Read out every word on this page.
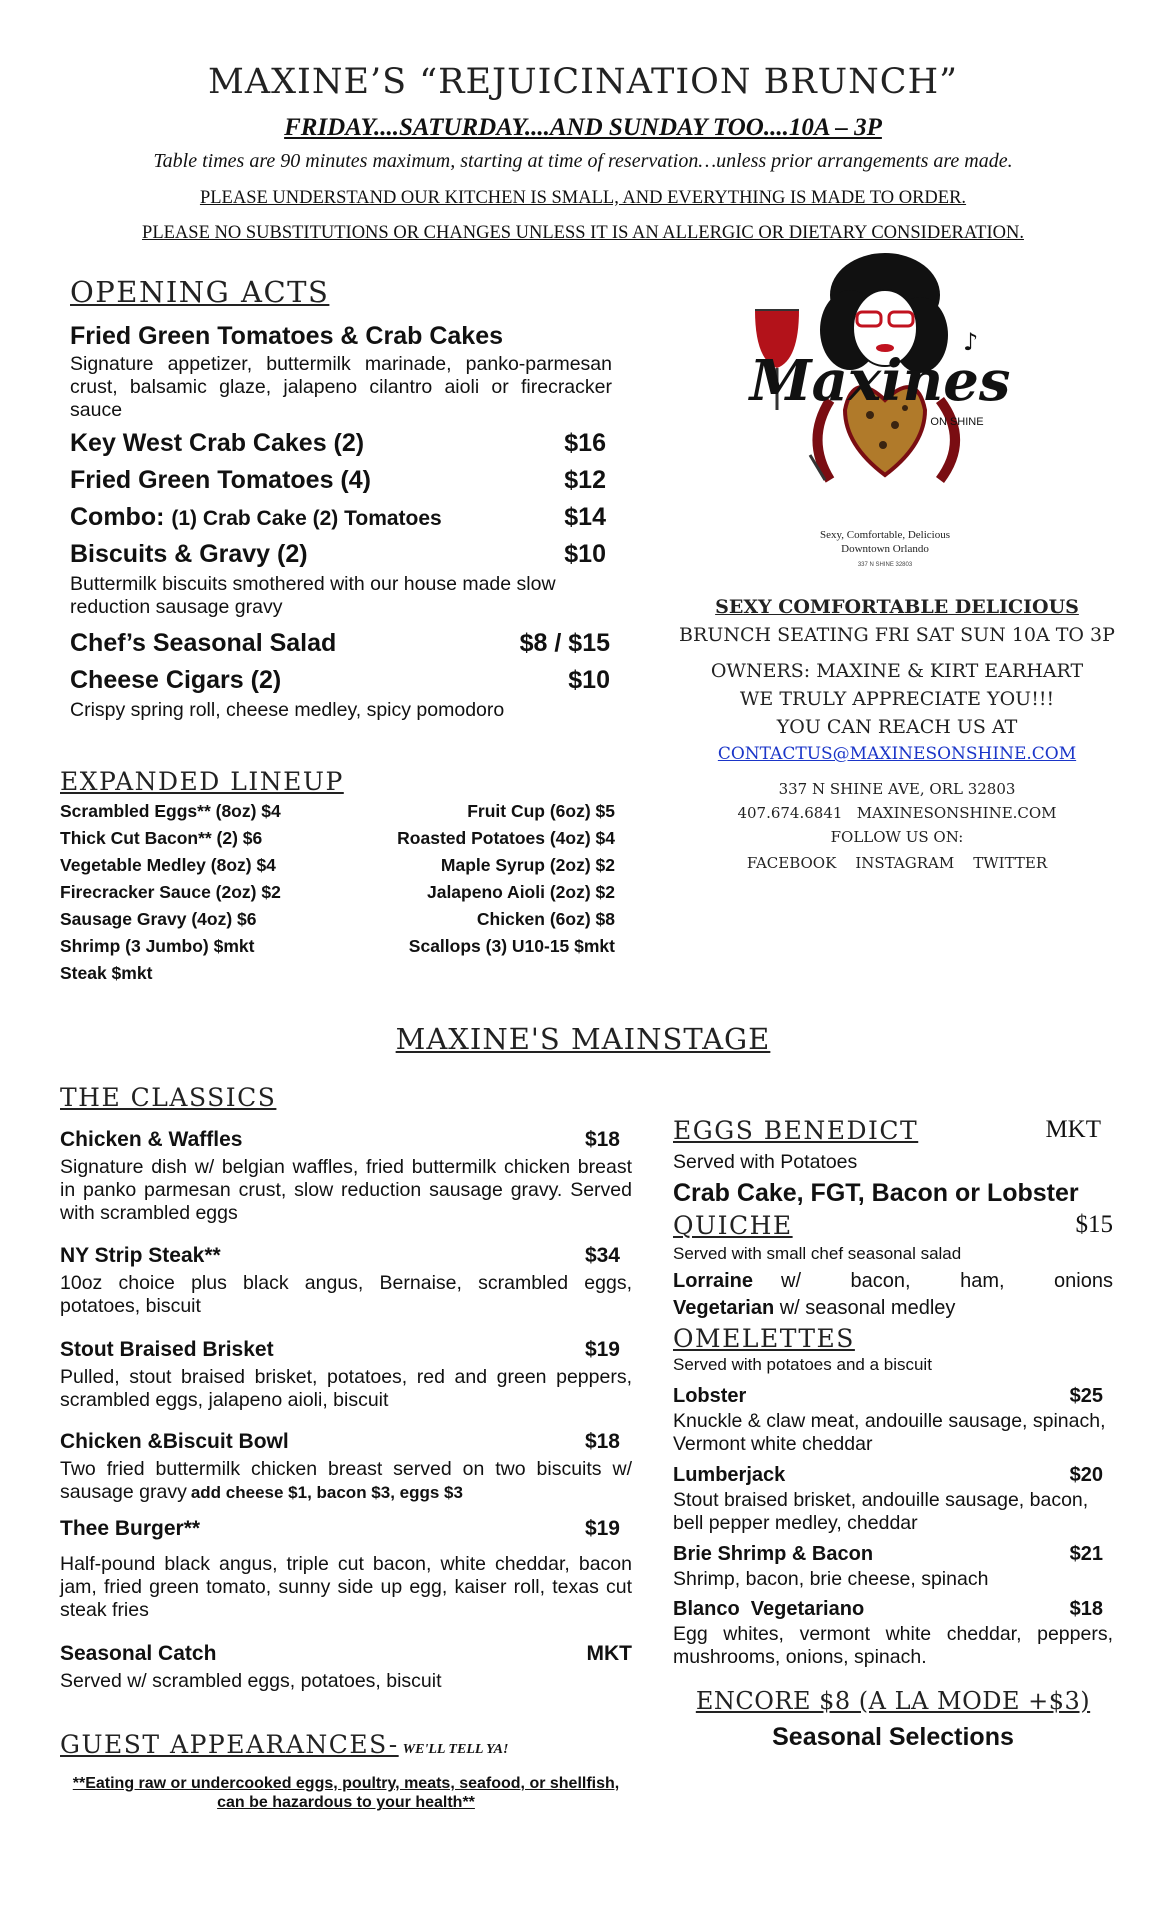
MAXINE’S “REJUICINATION BRUNCH”
FRIDAY....SATURDAY....AND SUNDAY TOO....10A – 3P
Table times are 90 minutes maximum, starting at time of reservation…unless prior arrangements are made.
PLEASE UNDERSTAND OUR KITCHEN IS SMALL, AND EVERYTHING IS MADE TO ORDER.
PLEASE NO SUBSTITUTIONS OR CHANGES UNLESS IT IS AN ALLERGIC OR DIETARY CONSIDERATION.
OPENING ACTS
Fried Green Tomatoes & Crab Cakes
Signature appetizer, buttermilk marinade, panko-parmesan crust, balsamic glaze, jalapeno cilantro aioli or firecracker sauce
Key West Crab Cakes (2)	$16
Fried Green Tomatoes (4)	$12
Combo: (1) Crab Cake (2) Tomatoes	$14
Biscuits & Gravy (2)	$10
Buttermilk biscuits smothered with our house made slow reduction sausage gravy
Chef’s Seasonal Salad	$8 / $15
Cheese Cigars (2)	$10
Crispy spring roll, cheese medley, spicy pomodoro
EXPANDED LINEUP
Scrambled Eggs** (8oz) $4	Fruit Cup (6oz) $5
Thick Cut Bacon** (2) $6	Roasted Potatoes (4oz) $4
Vegetable Medley (8oz) $4	Maple Syrup (2oz) $2
Firecracker Sauce (2oz) $2	Jalapeno Aioli (2oz) $2
Sausage Gravy (4oz) $6	Chicken (6oz) $8
Shrimp (3 Jumbo) $mkt	Scallops (3) U10-15 $mkt
Steak $mkt
Maxines
ON SHINE
♪
Sexy, Comfortable, Delicious
Downtown Orlando
337 N SHINE 32803
SEXY COMFORTABLE DELICIOUS
BRUNCH SEATING FRI SAT SUN 10A TO 3P
OWNERS: MAXINE & KIRT EARHART
WE TRULY APPRECIATE YOU!!!
YOU CAN REACH US AT
CONTACTUS@MAXINESONSHINE.COM
337 N SHINE AVE, ORL 32803
407.674.6841   MAXINESONSHINE.COM
FOLLOW US ON:
FACEBOOK    INSTAGRAM    TWITTER
MAXINE'S MAINSTAGE
THE CLASSICS
Chicken & Waffles	$18
Signature dish w/ belgian waffles, fried buttermilk chicken breast in panko parmesan crust, slow reduction sausage gravy. Served with scrambled eggs
NY Strip Steak**	$34
10oz choice plus black angus, Bernaise, scrambled eggs, potatoes, biscuit
Stout Braised Brisket	$19
Pulled, stout braised brisket, potatoes, red and green peppers, scrambled eggs, jalapeno aioli, biscuit
Chicken &Biscuit Bowl	$18
Two fried buttermilk chicken breast served on two biscuits w/ sausage gravy add cheese $1, bacon $3, eggs $3
Thee Burger**	$19
Half-pound black angus, triple cut bacon, white cheddar, bacon jam, fried green tomato, sunny side up egg, kaiser roll, texas cut steak fries
Seasonal Catch	MKT
Served w/ scrambled eggs, potatoes, biscuit
GUEST APPEARANCES- WE'LL TELL YA!
**Eating raw or undercooked eggs, poultry, meats, seafood, or shellfish, can be hazardous to your health**
EGGS BENEDICT	MKT
Served with Potatoes
Crab Cake, FGT, Bacon or Lobster
QUICHE	$15
Served with small chef seasonal salad
Lorraine w/ bacon, ham, onions
Vegetarian w/ seasonal medley
OMELETTES
Served with potatoes and a biscuit
Lobster	$25
Knuckle & claw meat, andouille sausage, spinach, Vermont white cheddar
Lumberjack	$20
Stout braised brisket, andouille sausage, bacon, bell pepper medley, cheddar
Brie Shrimp & Bacon	$21
Shrimp, bacon, brie cheese, spinach
Blanco  Vegetariano	$18
Egg whites, vermont white cheddar, peppers, mushrooms, onions, spinach.
ENCORE $8 (A LA MODE +$3)
Seasonal Selections
